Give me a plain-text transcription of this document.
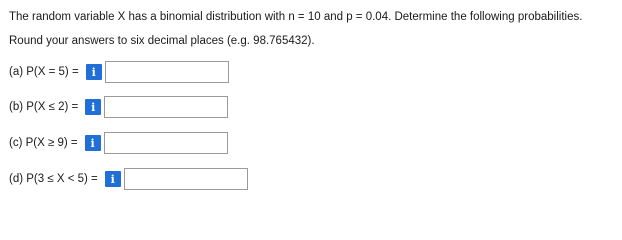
The random variable X has a binomial distribution with n = 10 and p = 0.04. Determine the following probabilities.

Round your answers to six decimal places (e.g. 98.765432).

(a) P(X = 5) =	i
(b) P(X ≤ 2) =	i
(c) P(X ≥ 9) =	i
(d) P(3 ≤ X < 5) =	i
